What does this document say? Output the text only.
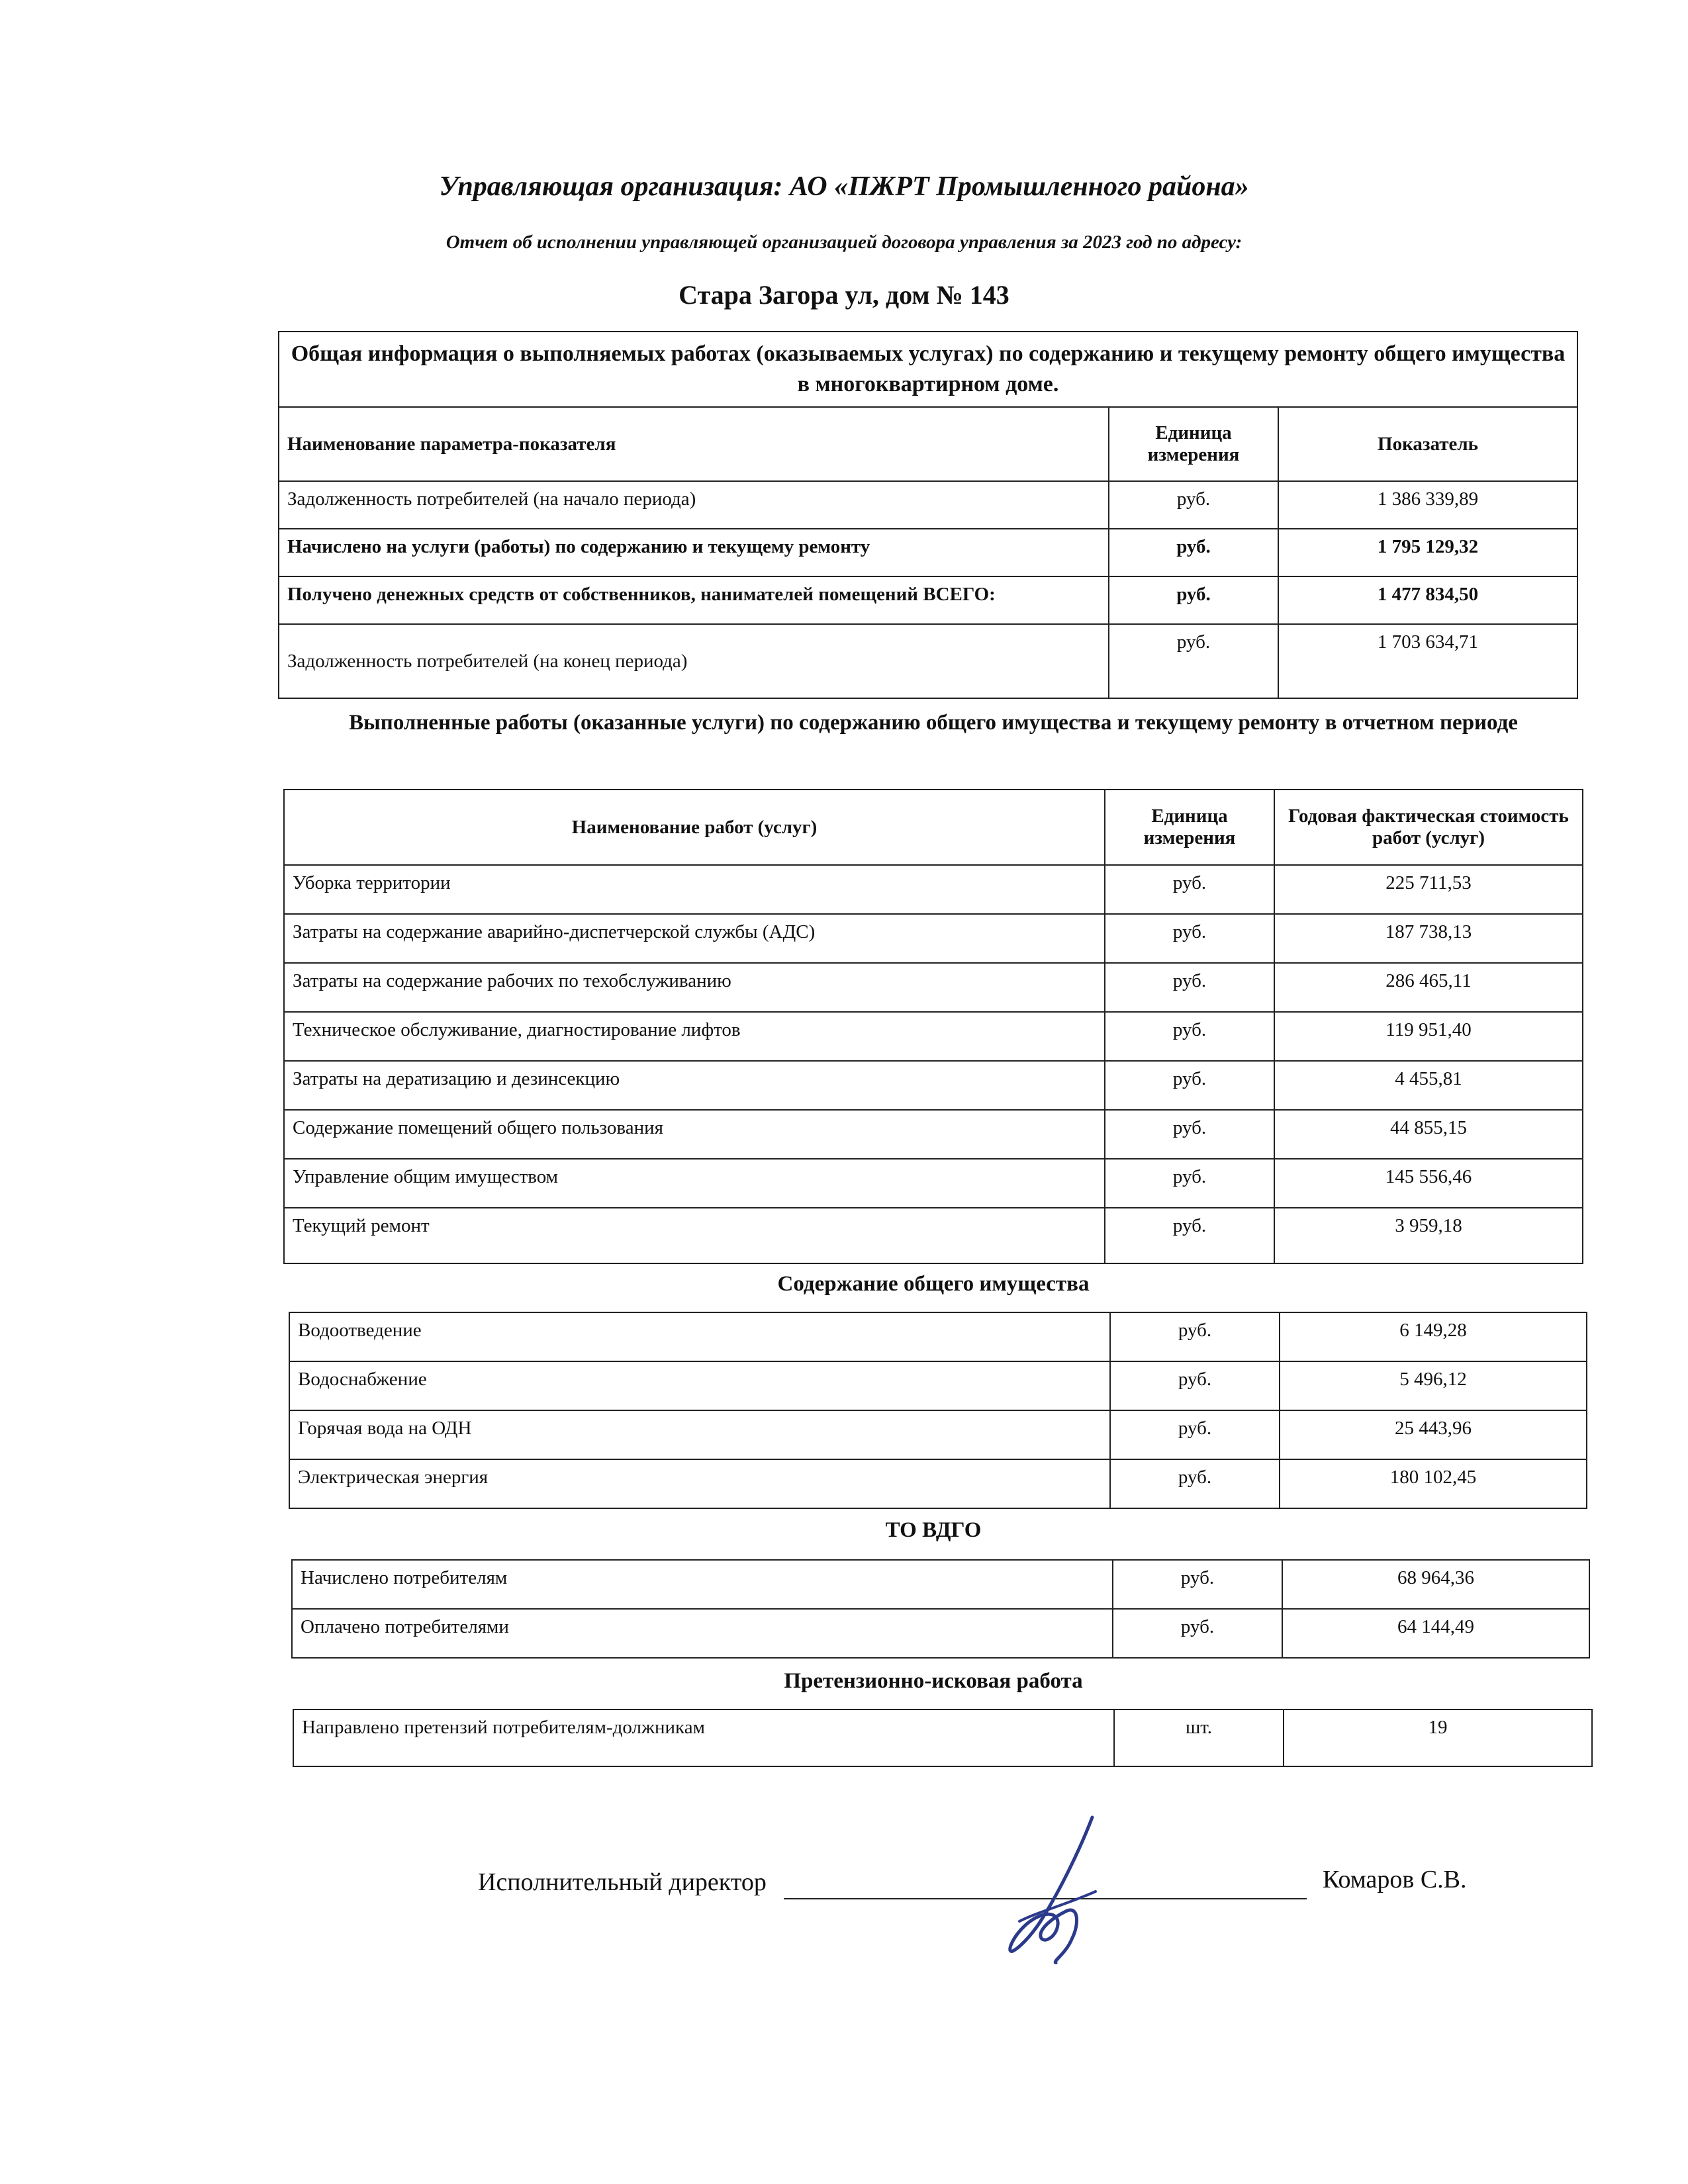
Управляющая организация: АО «ПЖРТ Промышленного района»
Отчет об исполнении управляющей организацией договора управления за 2023 год по адресу:
Стара Загора ул, дом № 143
Общая информация о выполняемых работах (оказываемых услугах) по содержанию и текущему ремонту общего имущества в многоквартирном доме.		
Наименование параметра-показателя	Единица измерения	Показатель
Задолженность потребителей (на начало периода)	руб.	1 386 339,89
Начислено на услуги (работы) по содержанию и текущему ремонту	руб.	1 795 129,32
Получено денежных средств от собственников, нанимателей помещений ВСЕГО:	руб.	1 477 834,50
Задолженность потребителей (на конец периода)	руб.	1 703 634,71
Выполненные работы (оказанные услуги) по содержанию общего имущества и текущему ремонту в отчетном периоде
Наименование работ (услуг)	Единица измерения	Годовая фактическая стоимость работ (услуг)
Уборка территории	руб.	225 711,53
Затраты на содержание аварийно-диспетчерской службы (АДС)	руб.	187 738,13
Затраты на содержание рабочих по техобслуживанию	руб.	286 465,11
Техническое обслуживание, диагностирование лифтов	руб.	119 951,40
Затраты на дератизацию и дезинсекцию	руб.	4 455,81
Содержание помещений общего пользования	руб.	44 855,15
Управление общим имуществом	руб.	145 556,46
Текущий ремонт	руб.	3 959,18
Содержание общего имущества
Водоотведение	руб.	6 149,28
Водоснабжение	руб.	5 496,12
Горячая вода на ОДН	руб.	25 443,96
Электрическая энергия	руб.	180 102,45
ТО ВДГО
Начислено потребителям	руб.	68 964,36
Оплачено потребителями	руб.	64 144,49
Претензионно-исковая работа
Направлено претензий потребителям-должникам	шт.	19
Исполнительный директор	Комаров С.В.
